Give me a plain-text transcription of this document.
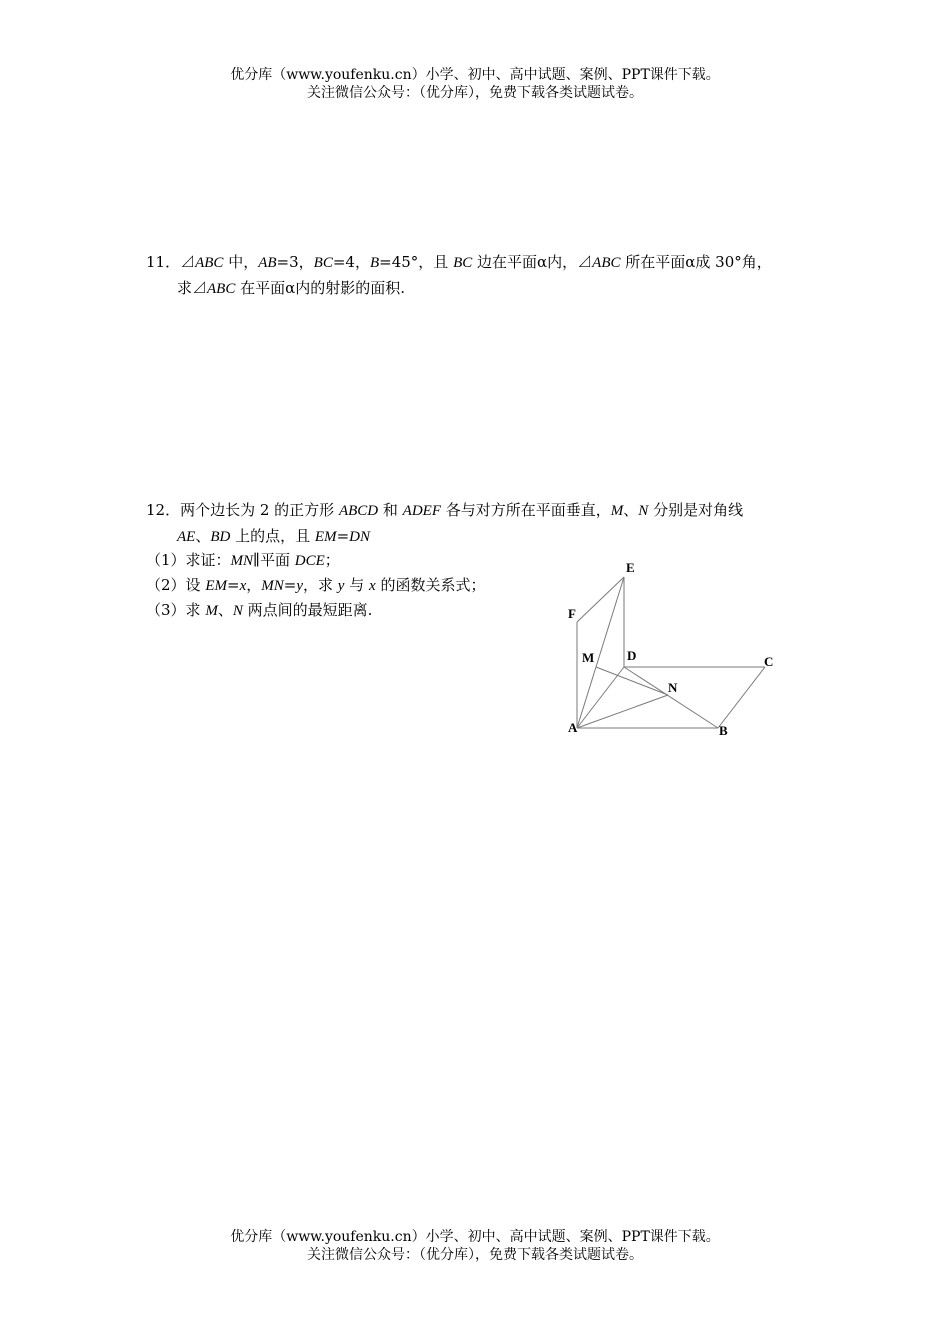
优分库（www.youfenku.cn）小学、初中、高中试题、案例、PPT课件下载。
关注微信公众号：（优分库），免费下载各类试题试卷。
11．⊿ABC 中，AB=3，BC=4，B=45°，且 BC 边在平面α内，⊿ABC 所在平面α成 30°角，
求⊿ABC 在平面α内的射影的面积.
12．两个边长为 2 的正方形 ABCD 和 ADEF 各与对方所在平面垂直，M、N 分别是对角线
AE、BD 上的点，且 EM=DN
（1）求证：MN∥平面 DCE；
（2）设 EM=x，MN=y，求 y 与 x 的函数关系式；
（3）求 M、N 两点间的最短距离.
E
F
M	D	C
N
A	B
优分库（www.youfenku.cn）小学、初中、高中试题、案例、PPT课件下载。
关注微信公众号：（优分库），免费下载各类试题试卷。
